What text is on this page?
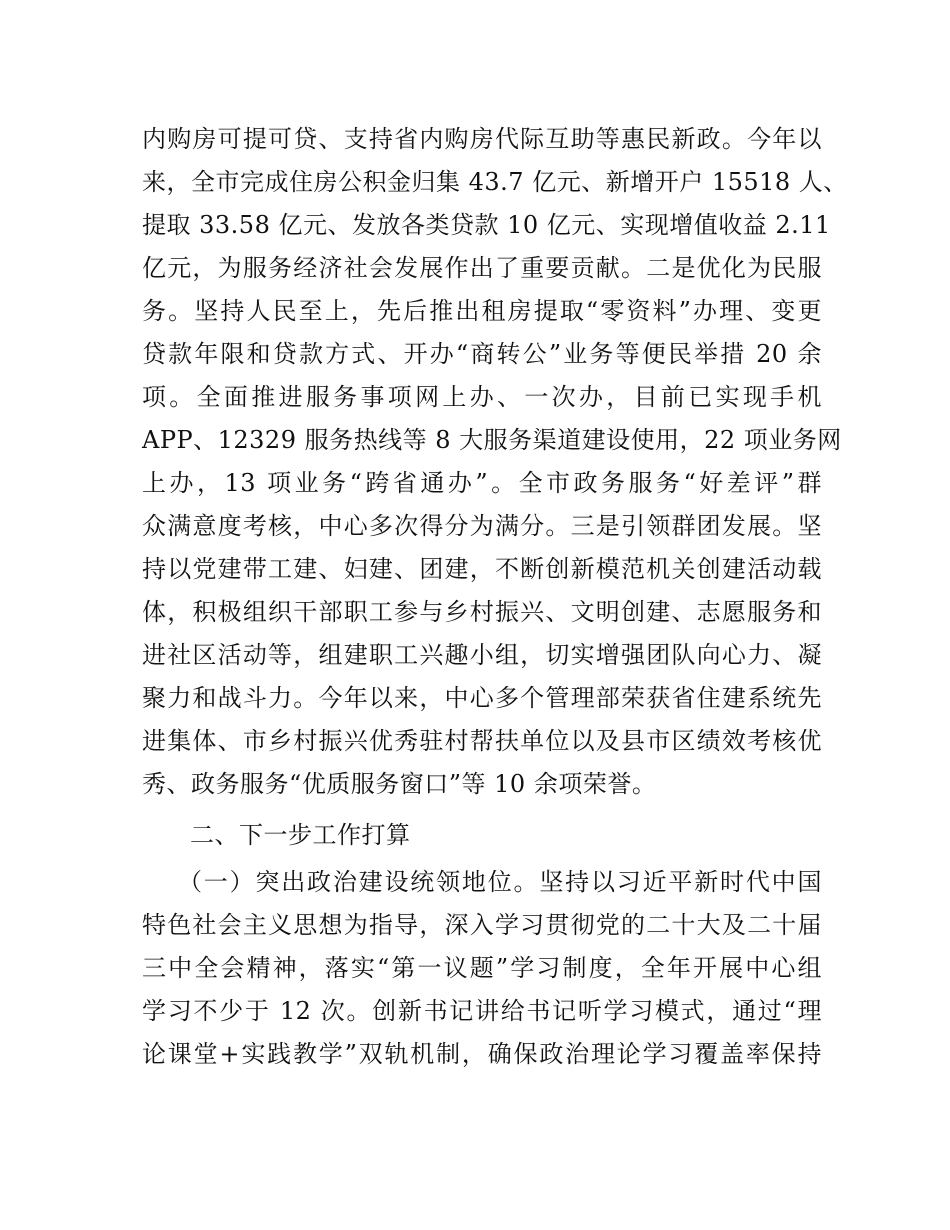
内购房可提可贷、支持省内购房代际互助等惠民新政。今年以
来，全市完成住房公积金归集 43.7 亿元、新增开户 15518 人、
提取 33.58 亿元、发放各类贷款 10 亿元、实现增值收益 2.11
亿元，为服务经济社会发展作出了重要贡献。二是优化为民服
务。坚持人民至上，先后推出租房提取“零资料”办理、变更
贷款年限和贷款方式、开办“商转公”业务等便民举措 20 余
项。全面推进服务事项网上办、一次办，目前已实现手机
APP、12329 服务热线等 8 大服务渠道建设使用，22 项业务网
上办，13 项业务“跨省通办”。全市政务服务“好差评”群
众满意度考核，中心多次得分为满分。三是引领群团发展。坚
持以党建带工建、妇建、团建，不断创新模范机关创建活动载
体，积极组织干部职工参与乡村振兴、文明创建、志愿服务和
进社区活动等，组建职工兴趣小组，切实增强团队向心力、凝
聚力和战斗力。今年以来，中心多个管理部荣获省住建系统先
进集体、市乡村振兴优秀驻村帮扶单位以及县市区绩效考核优
秀、政务服务“优质服务窗口”等 10 余项荣誉。
二、下一步工作打算
（一）突出政治建设统领地位。坚持以习近平新时代中国
特色社会主义思想为指导，深入学习贯彻党的二十大及二十届
三中全会精神，落实“第一议题”学习制度，全年开展中心组
学习不少于 12 次。创新书记讲给书记听学习模式，通过“理
论课堂+实践教学”双轨机制，确保政治理论学习覆盖率保持
